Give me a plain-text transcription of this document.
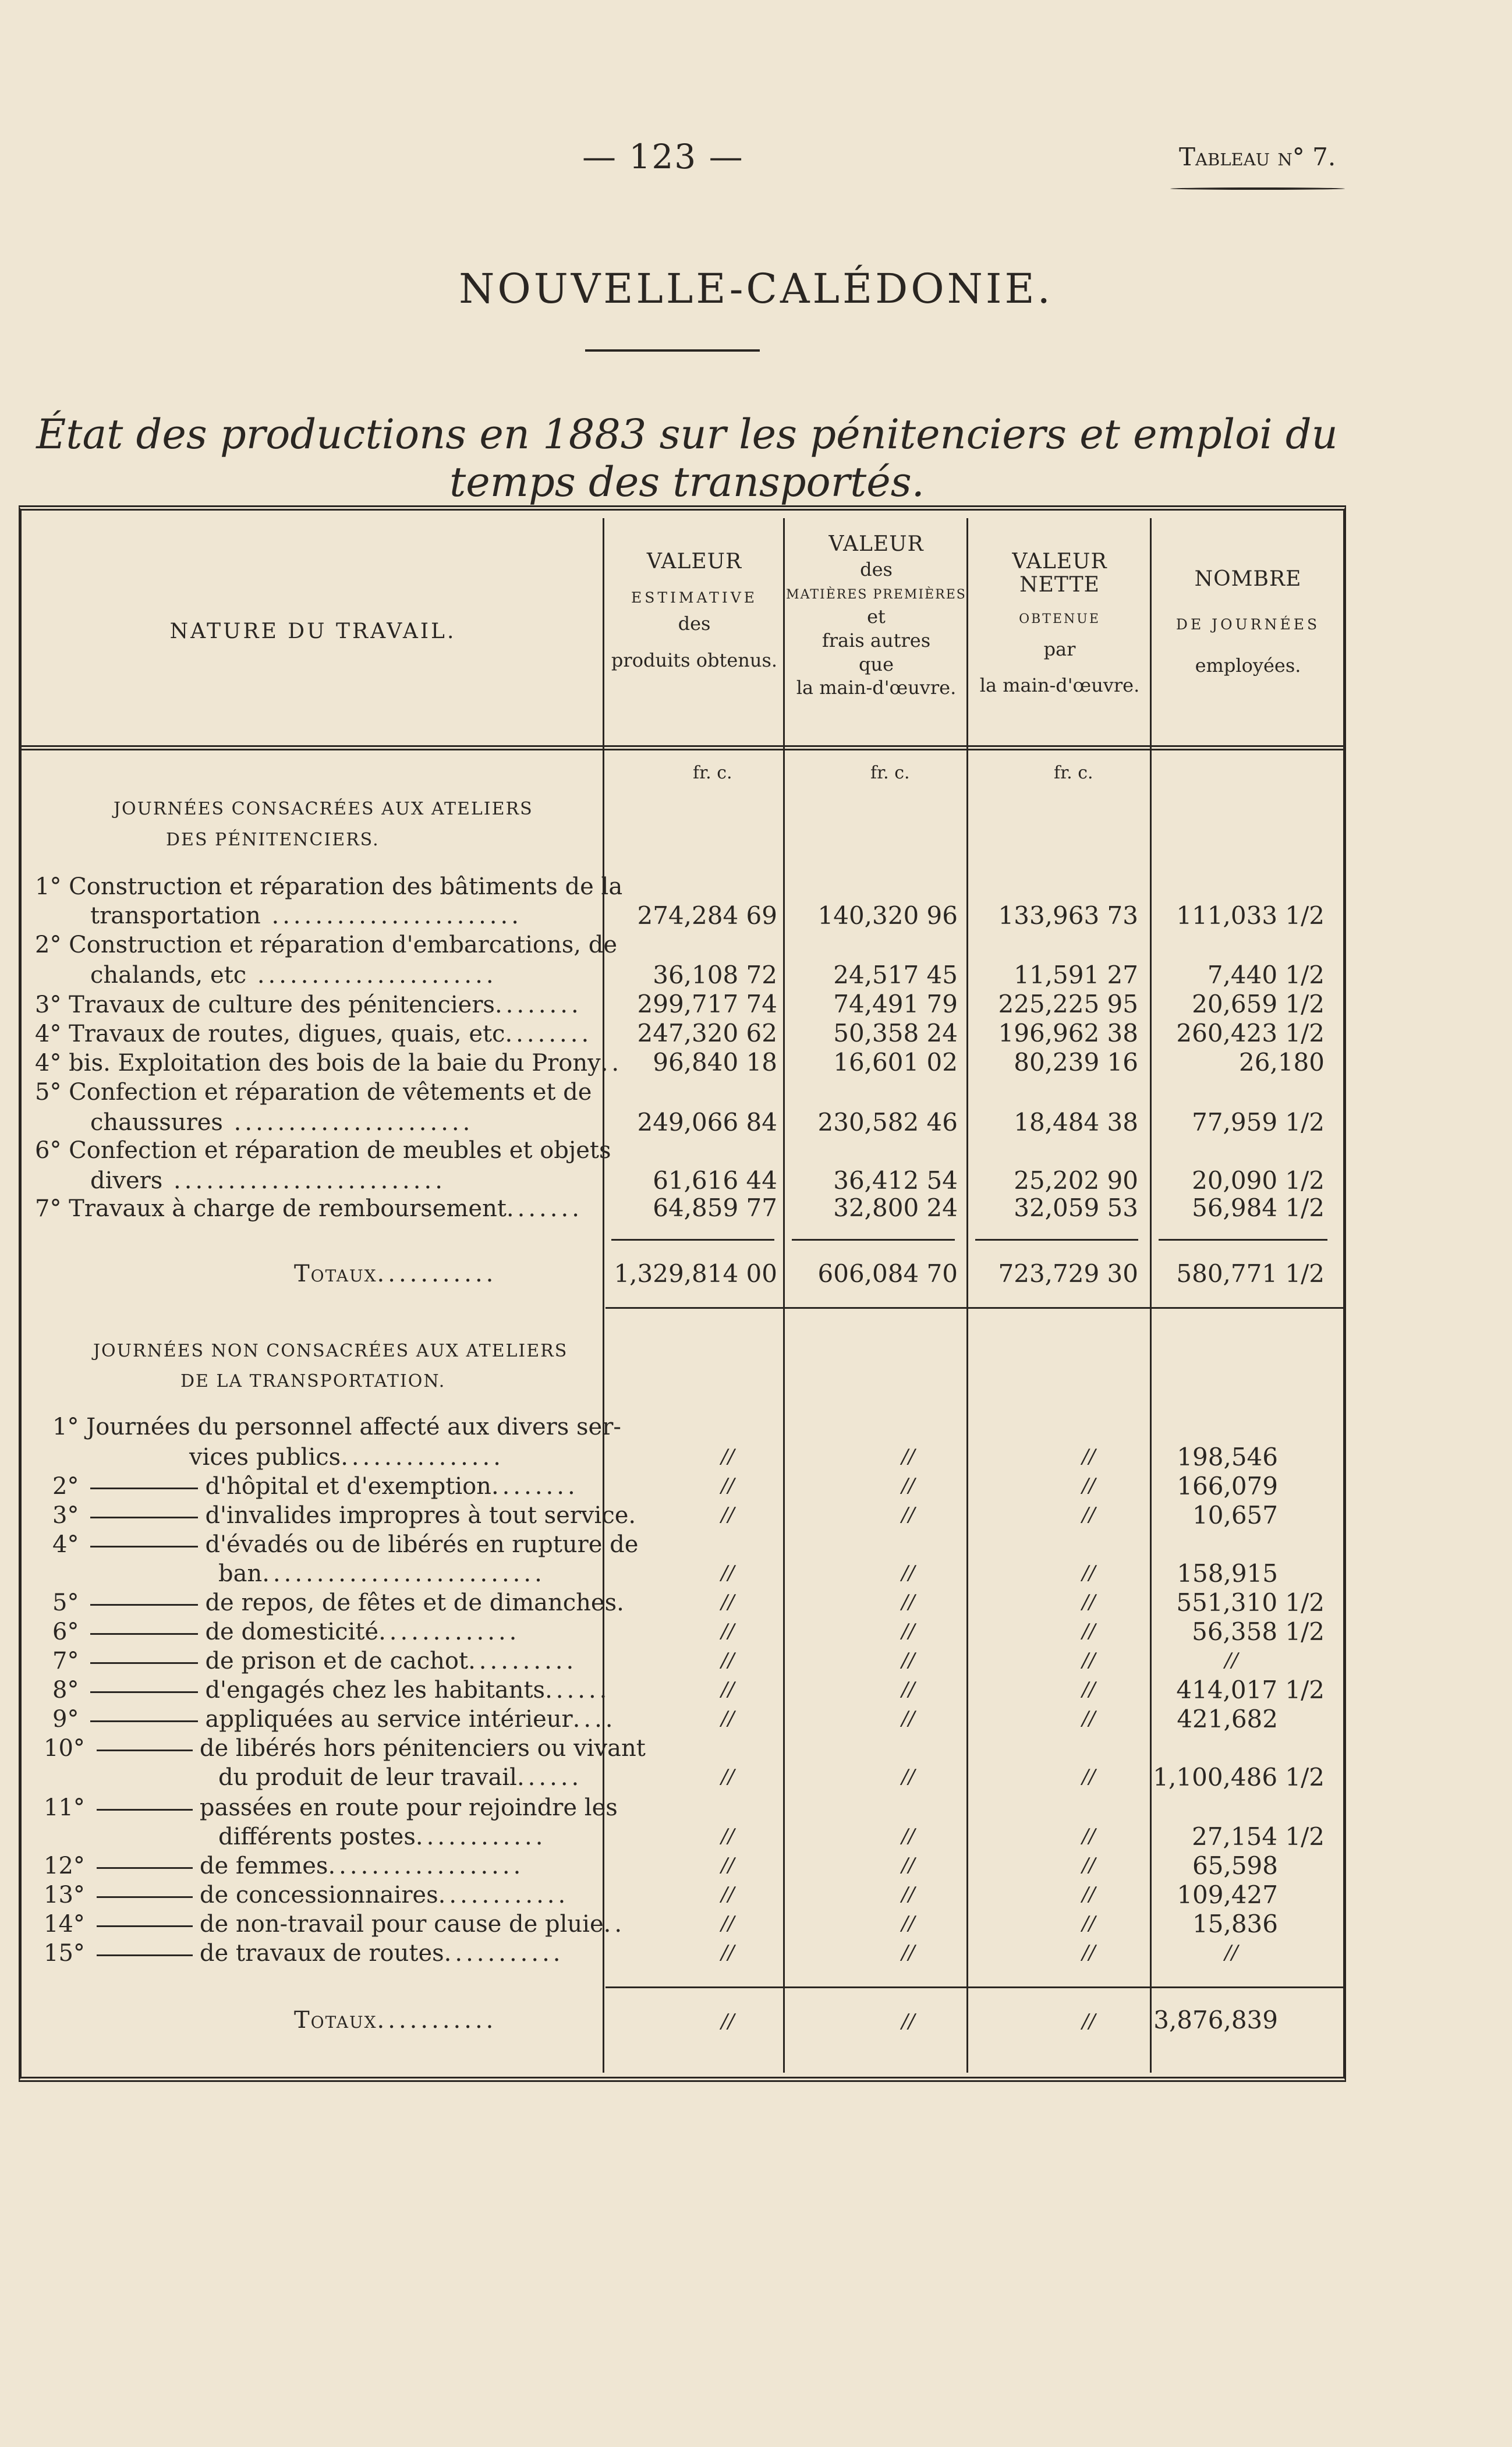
— 123 —	Tableau n° 7.
NOUVELLE-CALÉDONIE.
État des productions en 1883 sur les pénitenciers et emploi du temps des transportés.
NATURE DU TRAVAIL.
VALEUR
ESTIMATIVE
des
produits obtenus.
VALEUR
des
MATIÈRES PREMIÈRES
et
frais autres
que
la main-d'œuvre.
VALEUR NETTE
OBTENUE
par
la main-d'œuvre.
NOMBRE
DE JOURNÉES
employées.
fr. c.	fr. c.	fr. c.
JOURNÉES CONSACRÉES AUX ATELIERS
DES PÉNITENCIERS.
1° Construction et réparation des bâtiments de la
transportation .......................	274,284 69	140,320 96	133,963 73	111,033 1/2
2° Construction et réparation d'embarcations, de
chalands, etc ......................	36,108 72	24,517 45	11,591 27	7,440 1/2
3° Travaux de culture des pénitenciers........	299,717 74	74,491 79	225,225 95	20,659 1/2
4° Travaux de routes, digues, quais, etc........	247,320 62	50,358 24	196,962 38	260,423 1/2
4° bis. Exploitation des bois de la baie du Prony..	96,840 18	16,601 02	80,239 16	26,180
5° Confection et réparation de vêtements et de
chaussures ......................	249,066 84	230,582 46	18,484 38	77,959 1/2
6° Confection et réparation de meubles et objets
divers .........................	61,616 44	36,412 54	25,202 90	20,090 1/2
7° Travaux à charge de remboursement.......	64,859 77	32,800 24	32,059 53	56,984 1/2
Totaux...........	1,329,814 00	606,084 70	723,729 30	580,771 1/2
JOURNÉES NON CONSACRÉES AUX ATELIERS
DE LA TRANSPORTATION.
1° Journées du personnel affecté aux divers ser-
vices publics...............	//	//	//	198,546
2°	d'hôpital et d'exemption........	//	//	//	166,079
3°	d'invalides impropres à tout service.	//	//	//	10,657
4°	d'évadés ou de libérés en rupture de
ban..........................	//	//	//	158,915
5°	de repos, de fêtes et de dimanches.	//	//	//	551,310 1/2
6°	de domesticité.............	//	//	//	56,358 1/2
7°	de prison et de cachot..........	//	//	//	//
8°	d'engagés chez les habitants......	//	//	//	414,017 1/2
9°	appliquées au service intérieur....	//	//	//	421,682
10°	de libérés hors pénitenciers ou vivant
du produit de leur travail......	//	//	//	1,100,486 1/2
11°	passées en route pour rejoindre les
différents postes............	//	//	//	27,154 1/2
12°	de femmes..................	//	//	//	65,598
13°	de concessionnaires............	//	//	//	109,427
14°	de non-travail pour cause de pluie..	//	//	//	15,836
15°	de travaux de routes...........	//	//	//	//
Totaux...........	//	//	//	3,876,839
